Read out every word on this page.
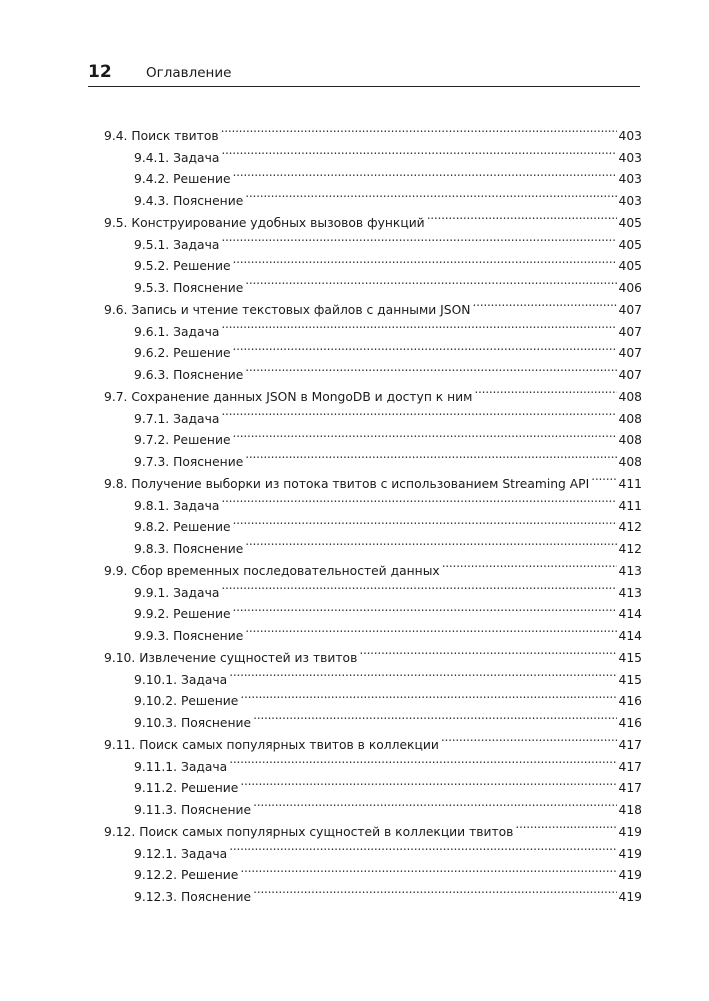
12	Оглавление
9.4. Поиск твитов . . .	403
9.4.1. Задача . . .	403
9.4.2. Решение . . .	403
9.4.3. Пояснение . . .	403
9.5. Конструирование удобных вызовов функций . . .	405
9.5.1. Задача . . .	405
9.5.2. Решение . . .	405
9.5.3. Пояснение . . .	406
9.6. Запись и чтение текстовых файлов с данными JSON . . .	407
9.6.1. Задача . . .	407
9.6.2. Решение . . .	407
9.6.3. Пояснение . . .	407
9.7. Сохранение данных JSON в MongoDB и доступ к ним . . .	408
9.7.1. Задача . . .	408
9.7.2. Решение . . .	408
9.7.3. Пояснение . . .	408
9.8. Получение выборки из потока твитов с использованием Streaming API . . . 411
9.8.1. Задача . . .	411
9.8.2. Решение . . .	412
9.8.3. Пояснение . . .	412
9.9. Сбор временных последовательностей данных . . .	413
9.9.1. Задача . . .	413
9.9.2. Решение . . .	414
9.9.3. Пояснение . . .	414
9.10. Извлечение сущностей из твитов . . .	415
9.10.1. Задача . . .	415
9.10.2. Решение . . .	416
9.10.3. Пояснение . . .	416
9.11. Поиск самых популярных твитов в коллекции . . .	417
9.11.1. Задача . . .	417
9.11.2. Решение . . .	417
9.11.3. Пояснение . . .	418
9.12. Поиск самых популярных сущностей в коллекции твитов . . .	419
9.12.1. Задача . . .	419
9.12.2. Решение . . .	419
9.12.3. Пояснение . . .	419
